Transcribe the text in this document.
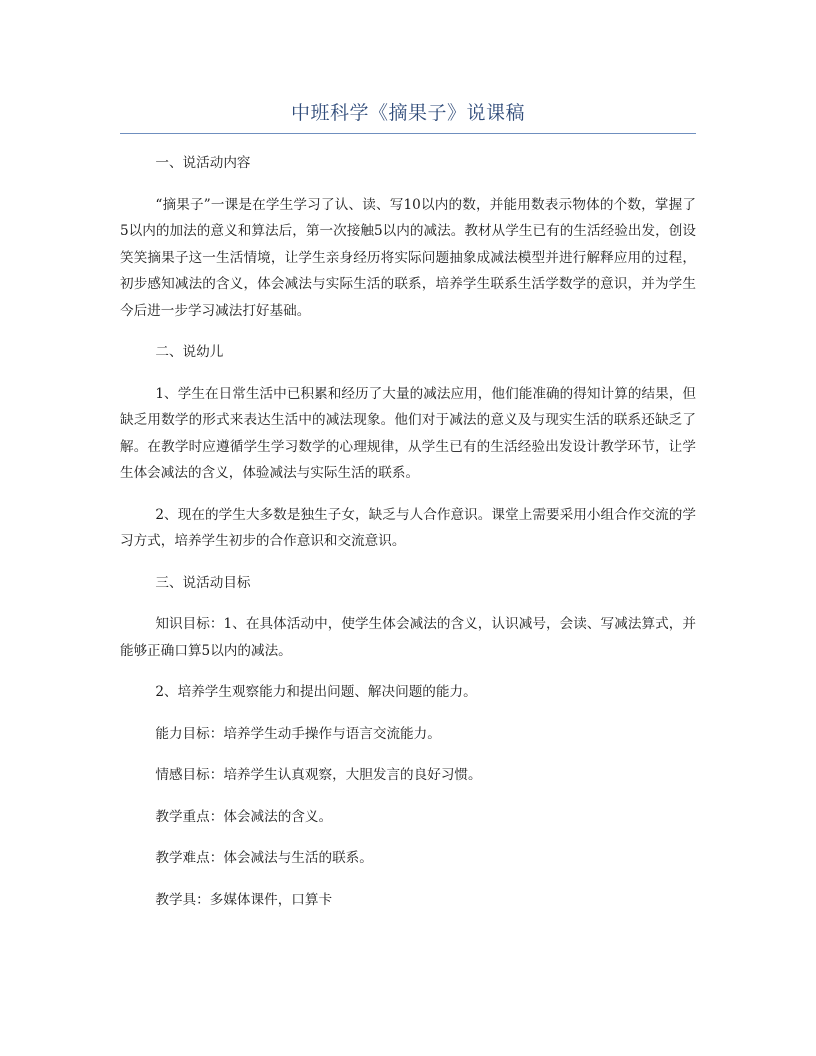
中班科学《摘果子》说课稿

一、说活动内容

“摘果子”一课是在学生学习了认、读、写10以内的数，并能用数表示物体的个数，掌握了5以内的加法的意义和算法后，第一次接触5以内的减法。教材从学生已有的生活经验出发，创设笑笑摘果子这一生活情境，让学生亲身经历将实际问题抽象成减法模型并进行解释应用的过程，初步感知减法的含义，体会减法与实际生活的联系，培养学生联系生活学数学的意识，并为学生今后进一步学习减法打好基础。

二、说幼儿

1、学生在日常生活中已积累和经历了大量的减法应用，他们能准确的得知计算的结果，但缺乏用数学的形式来表达生活中的减法现象。他们对于减法的意义及与现实生活的联系还缺乏了解。在教学时应遵循学生学习数学的心理规律，从学生已有的生活经验出发设计教学环节，让学生体会减法的含义，体验减法与实际生活的联系。

2、现在的学生大多数是独生子女，缺乏与人合作意识。课堂上需要采用小组合作交流的学习方式，培养学生初步的合作意识和交流意识。

三、说活动目标

知识目标：1、在具体活动中，使学生体会减法的含义，认识减号，会读、写减法算式，并能够正确口算5以内的减法。

2、培养学生观察能力和提出问题、解决问题的能力。

能力目标：培养学生动手操作与语言交流能力。

情感目标：培养学生认真观察，大胆发言的良好习惯。

教学重点：体会减法的含义。

教学难点：体会减法与生活的联系。

教学具：多媒体课件，口算卡
